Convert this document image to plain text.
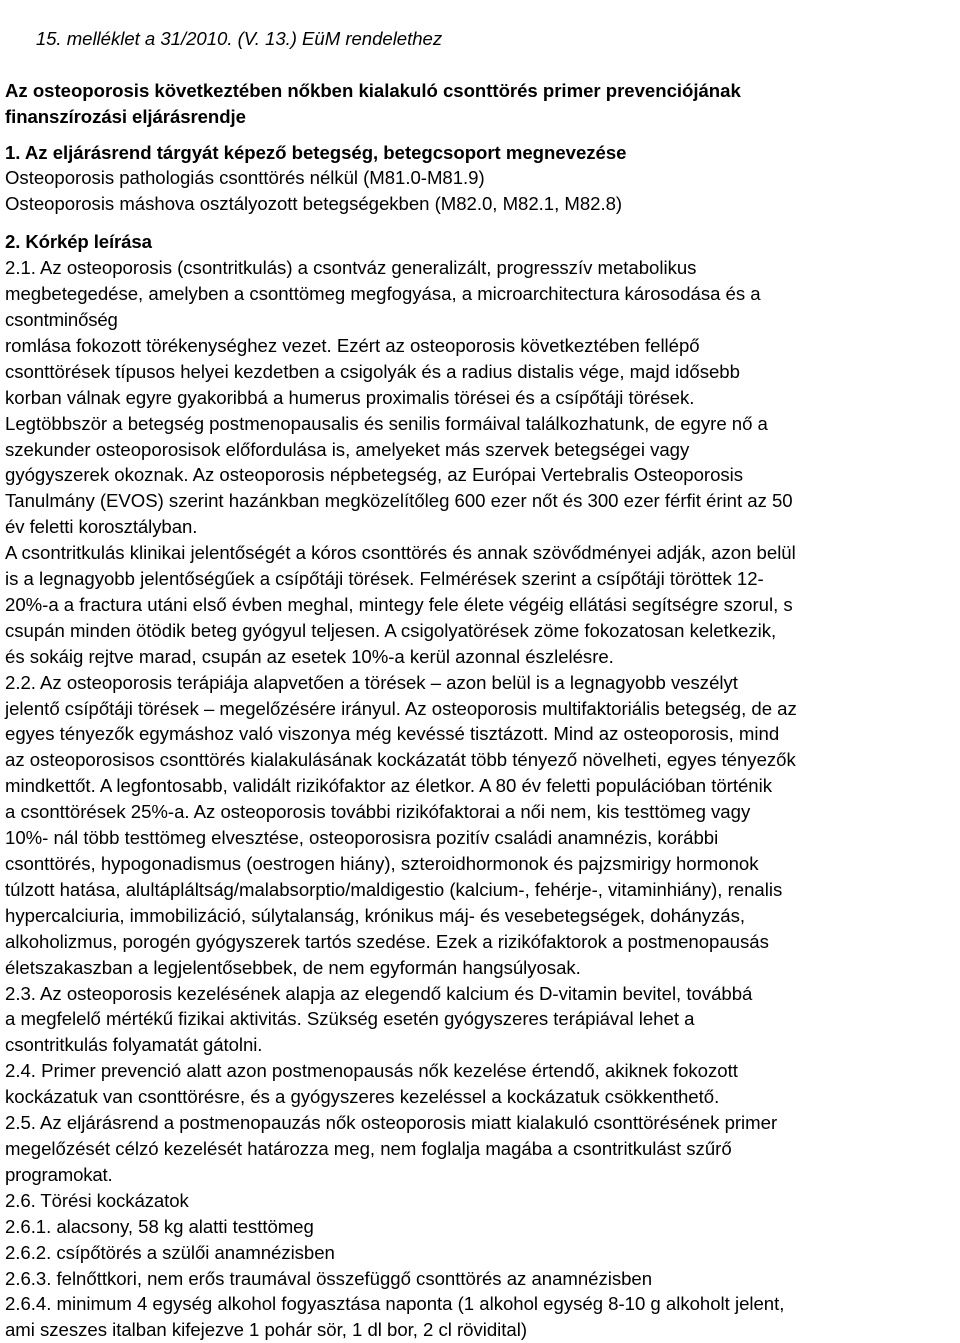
15. melléklet a 31/2010. (V. 13.) EüM rendelethez

Az osteoporosis következtében nőkben kialakuló csonttörés primer prevenciójának
finanszírozási eljárásrendje
1. Az eljárásrend tárgyát képező betegség, betegcsoport megnevezése
Osteoporosis pathologiás csonttörés nélkül (M81.0-M81.9)
Osteoporosis máshova osztályozott betegségekben (M82.0, M82.1, M82.8)
2. Kórkép leírása
2.1. Az osteoporosis (csontritkulás) a csontváz generalizált, progresszív metabolikus
megbetegedése, amelyben a csonttömeg megfogyása, a microarchitectura károsodása és a
csontminőség
romlása fokozott törékenységhez vezet. Ezért az osteoporosis következtében fellépő
csonttörések típusos helyei kezdetben a csigolyák és a radius distalis vége, majd idősebb
korban válnak egyre gyakoribbá a humerus proximalis törései és a csípőtáji törések.
Legtöbbször a betegség postmenopausalis és senilis formáival találkozhatunk, de egyre nő a
szekunder osteoporosisok előfordulása is, amelyeket más szervek betegségei vagy
gyógyszerek okoznak. Az osteoporosis népbetegség, az Európai Vertebralis Osteoporosis
Tanulmány (EVOS) szerint hazánkban megközelítőleg 600 ezer nőt és 300 ezer férfit érint az 50
év feletti korosztályban.
A csontritkulás klinikai jelentőségét a kóros csonttörés és annak szövődményei adják, azon belül
is a legnagyobb jelentőségűek a csípőtáji törések. Felmérések szerint a csípőtáji töröttek 12-
20%-a a fractura utáni első évben meghal, mintegy fele élete végéig ellátási segítségre szorul, s
csupán minden ötödik beteg gyógyul teljesen. A csigolyatörések zöme fokozatosan keletkezik,
és sokáig rejtve marad, csupán az esetek 10%-a kerül azonnal észlelésre.
2.2. Az osteoporosis terápiája alapvetően a törések – azon belül is a legnagyobb veszélyt
jelentő csípőtáji törések – megelőzésére irányul. Az osteoporosis multifaktoriális betegség, de az
egyes tényezők egymáshoz való viszonya még kevéssé tisztázott. Mind az osteoporosis, mind
az osteoporosisos csonttörés kialakulásának kockázatát több tényező növelheti, egyes tényezők
mindkettőt. A legfontosabb, validált rizikófaktor az életkor. A 80 év feletti populációban történik
a csonttörések 25%-a. Az osteoporosis további rizikófaktorai a női nem, kis testtömeg vagy
10%- nál több testtömeg elvesztése, osteoporosisra pozitív családi anamnézis, korábbi
csonttörés, hypogonadismus (oestrogen hiány), szteroidhormonok és pajzsmirigy hormonok
túlzott hatása, alultápláltság/malabsorptio/maldigestio (kalcium-, fehérje-, vitaminhiány), renalis
hypercalciuria, immobilizáció, súlytalanság, krónikus máj- és vesebetegségek, dohányzás,
alkoholizmus, porogén gyógyszerek tartós szedése. Ezek a rizikófaktorok a postmenopausás
életszakaszban a legjelentősebbek, de nem egyformán hangsúlyosak.
2.3. Az osteoporosis kezelésének alapja az elegendő kalcium és D-vitamin bevitel, továbbá
a megfelelő mértékű fizikai aktivitás. Szükség esetén gyógyszeres terápiával lehet a
csontritkulás folyamatát gátolni.
2.4. Primer prevenció alatt azon postmenopausás nők kezelése értendő, akiknek fokozott
kockázatuk van csonttörésre, és a gyógyszeres kezeléssel a kockázatuk csökkenthető.
2.5. Az eljárásrend a postmenopauzás nők osteoporosis miatt kialakuló csonttörésének primer
megelőzését célzó kezelését határozza meg, nem foglalja magába a csontritkulást szűrő
programokat.
2.6. Törési kockázatok
2.6.1. alacsony, 58 kg alatti testtömeg
2.6.2. csípőtörés a szülői anamnézisben
2.6.3. felnőttkori, nem erős traumával összefüggő csonttörés az anamnézisben
2.6.4. minimum 4 egység alkohol fogyasztása naponta (1 alkohol egység 8-10 g alkoholt jelent,
ami szeszes italban kifejezve 1 pohár sör, 1 dl bor, 2 cl rövidital)
